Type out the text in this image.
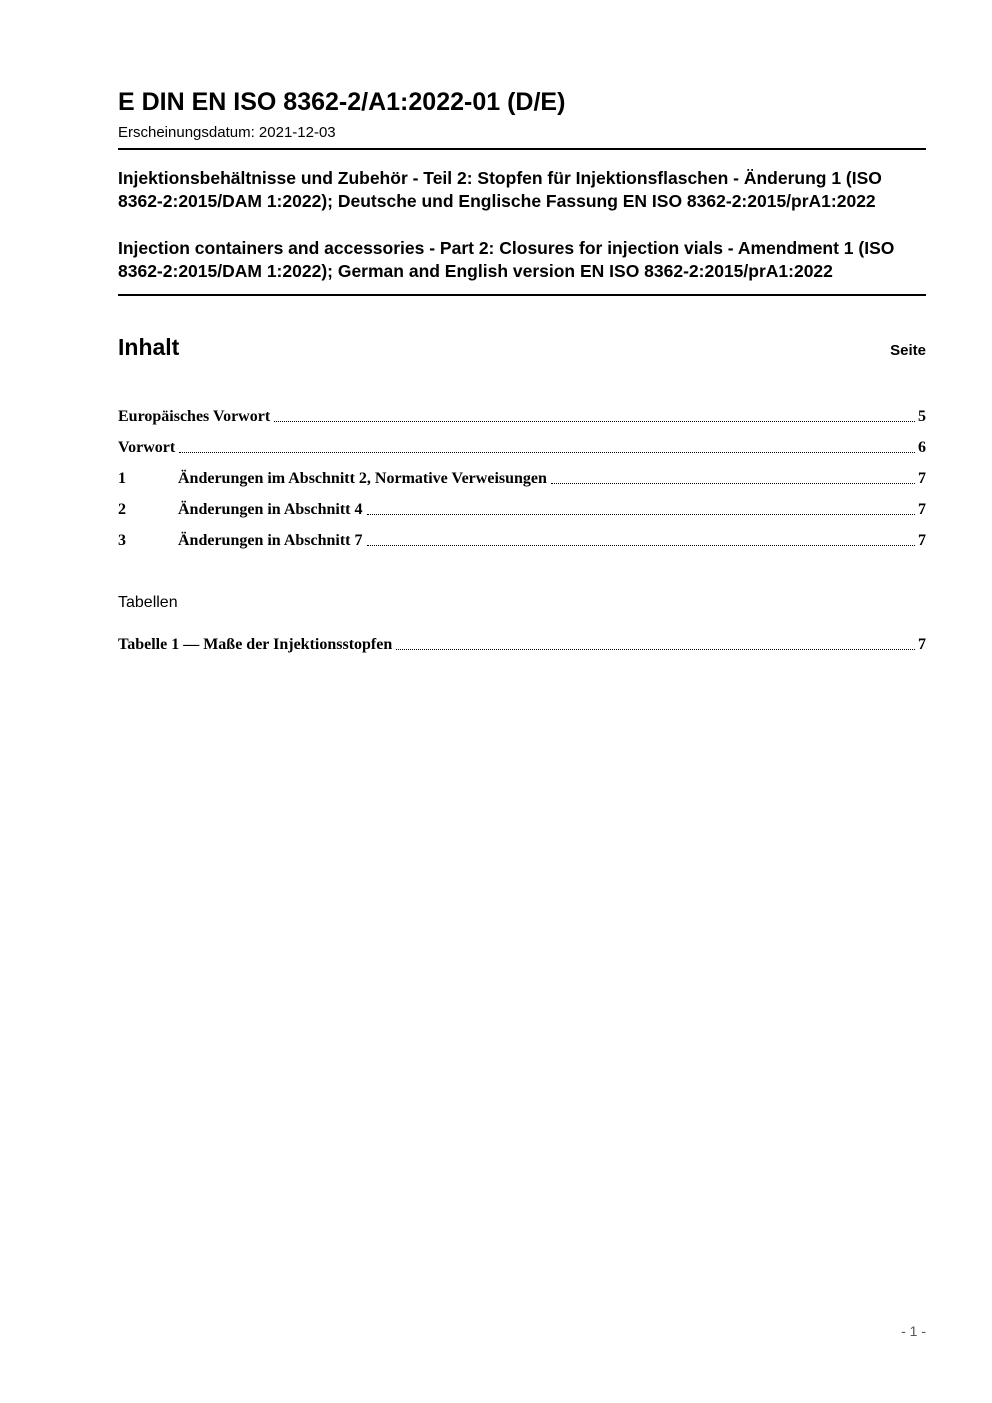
E DIN EN ISO 8362-2/A1:2022-01 (D/E)
Erscheinungsdatum: 2021-12-03
Injektionsbehältnisse und Zubehör - Teil 2: Stopfen für Injektionsflaschen - Änderung 1 (ISO 8362-2:2015/DAM 1:2022); Deutsche und Englische Fassung EN ISO 8362-2:2015/prA1:2022
Injection containers and accessories - Part 2: Closures for injection vials - Amendment 1 (ISO 8362-2:2015/DAM 1:2022); German and English version EN ISO 8362-2:2015/prA1:2022
Inhalt	Seite
Europäisches Vorwort	5
Vorwort	6
1	Änderungen im Abschnitt 2, Normative Verweisungen	7
2	Änderungen in Abschnitt 4	7
3	Änderungen in Abschnitt 7	7
Tabellen
Tabelle 1 — Maße der Injektionsstopfen	7
- 1 -
